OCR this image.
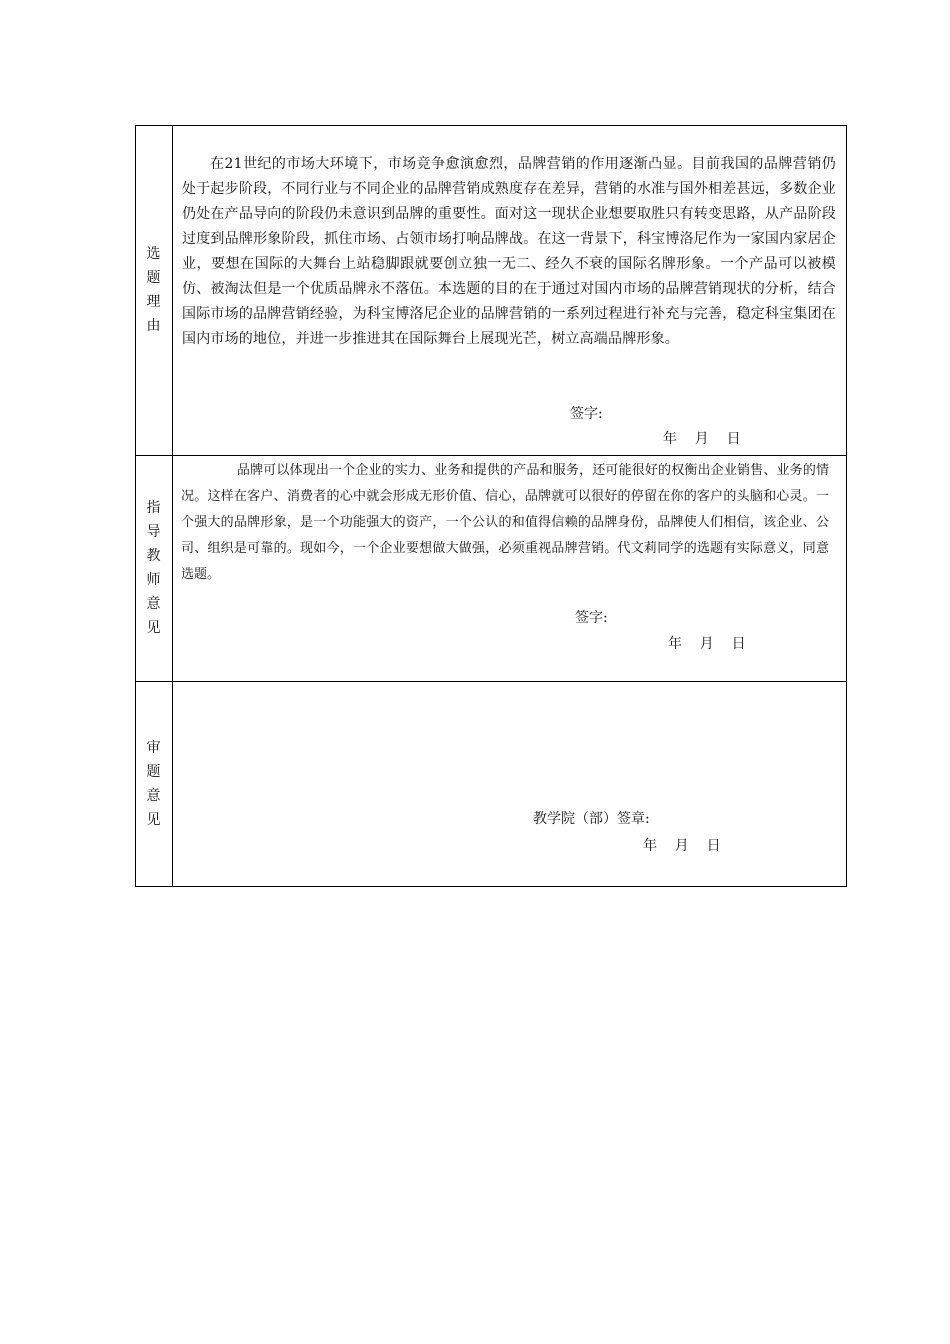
选
题
理
由

在21世纪的市场大环境下，市场竞争愈演愈烈，品牌营销的作用逐渐凸显。目前我国的品牌营销仍处于起步阶段，不同行业与不同企业的品牌营销成熟度存在差异，营销的水准与国外相差甚远，多数企业仍处在产品导向的阶段仍未意识到品牌的重要性。面对这一现状企业想要取胜只有转变思路，从产品阶段过度到品牌形象阶段，抓住市场、占领市场打响品牌战。在这一背景下，科宝博洛尼作为一家国内家居企业，要想在国际的大舞台上站稳脚跟就要创立独一无二、经久不衰的国际名牌形象。一个产品可以被模仿、被淘汰但是一个优质品牌永不落伍。本选题的目的在于通过对国内市场的品牌营销现状的分析，结合国际市场的品牌营销经验，为科宝博洛尼企业的品牌营销的一系列过程进行补充与完善，稳定科宝集团在国内市场的地位，并进一步推进其在国际舞台上展现光芒，树立高端品牌形象。

签字:
年    月    日
指
导
教
师
意
见

品牌可以体现出一个企业的实力、业务和提供的产品和服务，还可能很好的权衡出企业销售、业务的情况。这样在客户、消费者的心中就会形成无形价值、信心，品牌就可以很好的停留在你的客户的头脑和心灵。一个强大的品牌形象，是一个功能强大的资产，一个公认的和值得信赖的品牌身份，品牌使人们相信，该企业、公司、组织是可靠的。现如今，一个企业要想做大做强，必须重视品牌营销。代文莉同学的选题有实际意义，同意选题。

签字:
年    月    日
审
题
意
见	教学院（部）签章:
年    月    日
